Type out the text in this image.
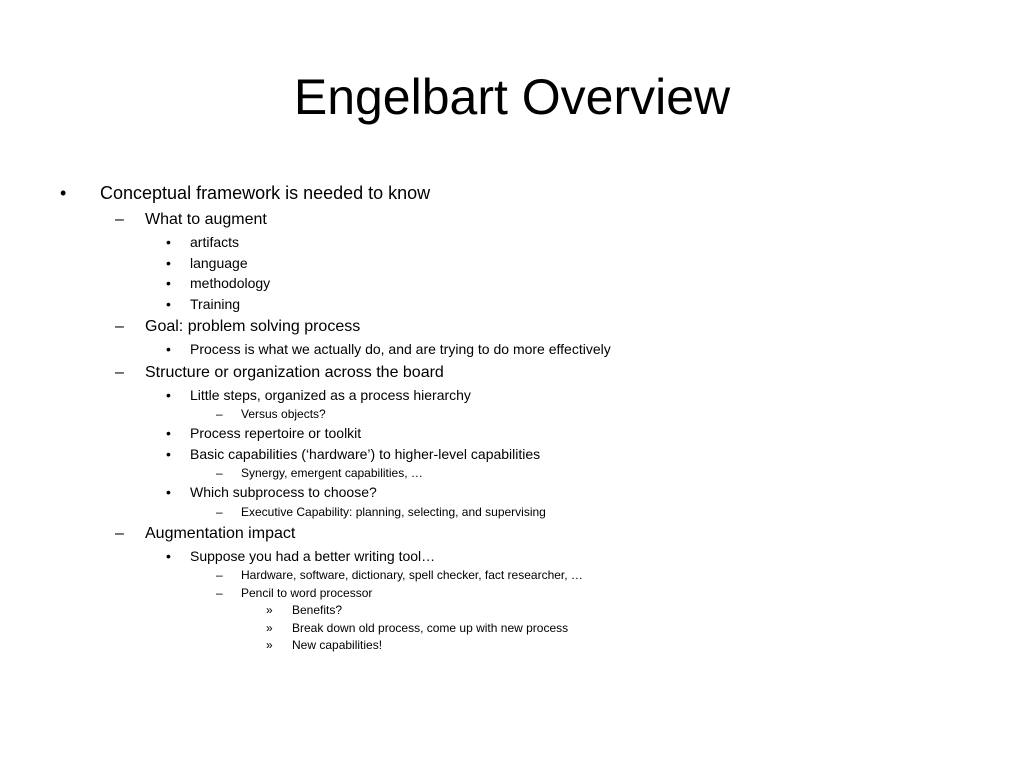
Engelbart Overview
• Conceptual framework is needed to know
– What to augment
• artifacts
• language
• methodology
• Training
– Goal: problem solving process
• Process is what we actually do, and are trying to do more effectively
– Structure or organization across the board
• Little steps, organized as a process hierarchy
– Versus objects?
• Process repertoire or toolkit
• Basic capabilities (‘hardware’) to higher-level capabilities
– Synergy, emergent capabilities, …
• Which subprocess to choose?
– Executive Capability: planning, selecting, and supervising
– Augmentation impact
• Suppose you had a better writing tool…
– Hardware, software, dictionary, spell checker, fact researcher, …
– Pencil to word processor
» Benefits?
» Break down old process, come up with new process
» New capabilities!
